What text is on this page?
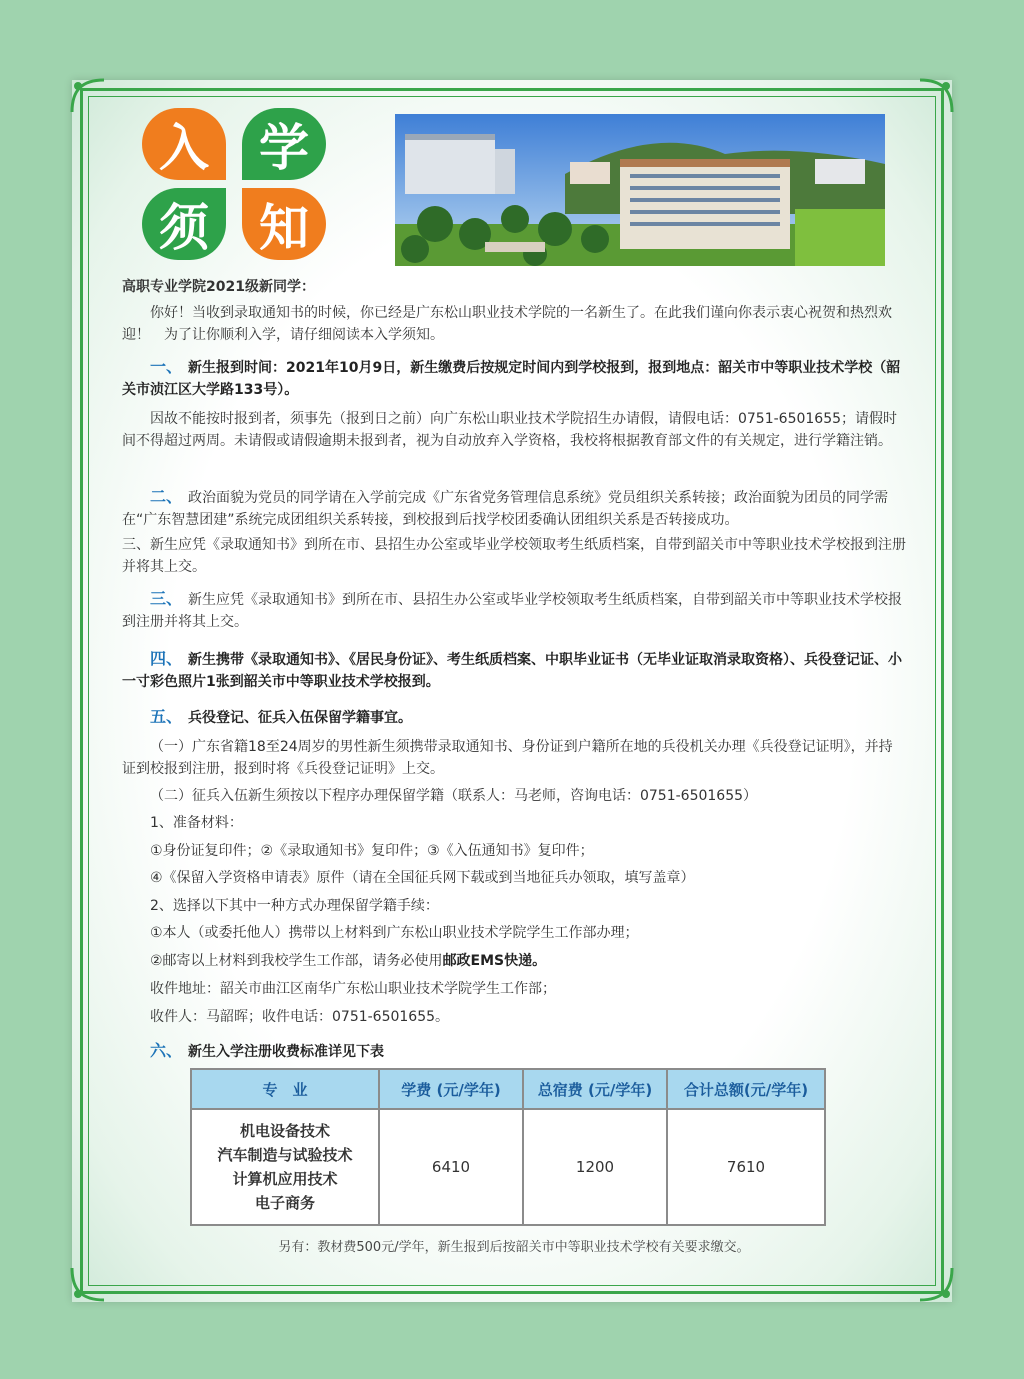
入	学
须	知
高职专业学院2021级新同学：
你好！当收到录取通知书的时候，你已经是广东松山职业技术学院的一名新生了。在此我们谨向你表示衷心祝贺和热烈欢迎！　为了让你顺利入学，请仔细阅读本入学须知。
一、 新生报到时间：2021年10月9日，新生缴费后按规定时间内到学校报到，报到地点：韶关市中等职业技术学校（韶关市浈江区大学路133号）。
因故不能按时报到者，须事先（报到日之前）向广东松山职业技术学院招生办请假，请假电话：0751-6501655；请假时间不得超过两周。未请假或请假逾期未报到者，视为自动放弃入学资格，我校将根据教育部文件的有关规定，进行学籍注销。
二、 政治面貌为党员的同学请在入学前完成《广东省党务管理信息系统》党员组织关系转接；政治面貌为团员的同学需在“广东智慧团建”系统完成团组织关系转接，到校报到后找学校团委确认团组织关系是否转接成功。
三、新生应凭《录取通知书》到所在市、县招生办公室或毕业学校领取考生纸质档案，自带到韶关市中等职业技术学校报到注册并将其上交。
三、 新生应凭《录取通知书》到所在市、县招生办公室或毕业学校领取考生纸质档案，自带到韶关市中等职业技术学校报到注册并将其上交。
四、 新生携带《录取通知书》、《居民身份证》、考生纸质档案、中职毕业证书（无毕业证取消录取资格）、兵役登记证、小一寸彩色照片1张到韶关市中等职业技术学校报到。
五、 兵役登记、征兵入伍保留学籍事宜。
（一）广东省籍18至24周岁的男性新生须携带录取通知书、身份证到户籍所在地的兵役机关办理《兵役登记证明》，并持证到校报到注册，报到时将《兵役登记证明》上交。
（二）征兵入伍新生须按以下程序办理保留学籍（联系人：马老师，咨询电话：0751-6501655）
1、准备材料：
①身份证复印件；②《录取通知书》复印件；③《入伍通知书》复印件；
④《保留入学资格申请表》原件（请在全国征兵网下载或到当地征兵办领取，填写盖章）
2、选择以下其中一种方式办理保留学籍手续：
①本人（或委托他人）携带以上材料到广东松山职业技术学院学生工作部办理；
②邮寄以上材料到我校学生工作部，请务必使用邮政EMS快递。
收件地址：韶关市曲江区南华广东松山职业技术学院学生工作部；
收件人：马韶晖；收件电话：0751-6501655。
六、 新生入学注册收费标准详见下表
专　业	学费 (元/学年)	总宿费 (元/学年)	合计总额(元/学年)

机电设备技术
汽车制造与试验技术
计算机应用技术
电子商务	6410	1200	7610
另有：教材费500元/学年，新生报到后按韶关市中等职业技术学校有关要求缴交。
